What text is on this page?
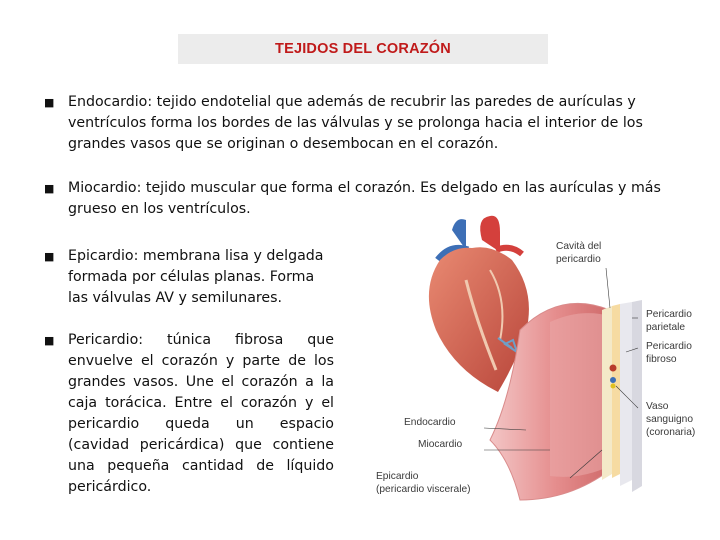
TEJIDOS DEL CORAZÓN
■ Endocardio: tejido endotelial que además de recubrir las paredes de aurículas y
ventrículos forma los bordes de las válvulas y se prolonga hacia el interior de los
grandes vasos que se originan o desembocan en el corazón.
■ Miocardio: tejido muscular que forma el corazón. Es delgado en las aurículas y más
grueso en los ventrículos.
■ Epicardio: membrana lisa y delgada
formada por células planas. Forma
las válvulas AV y semilunares.
■ Pericardio: túnica fibrosa que
envuelve el corazón y parte de los
grandes vasos. Une el corazón a la
caja torácica. Entre el corazón y el
pericardio queda un espacio
(cavidad pericárdica) que contiene
una pequeña cantidad de líquido
pericárdico.
Cavità del
pericardio
Pericardio
parietale
Pericardio
fibroso
Vaso
sanguigno
(coronaria)
Endocardio
Miocardio
Epicardio
(pericardio viscerale)
